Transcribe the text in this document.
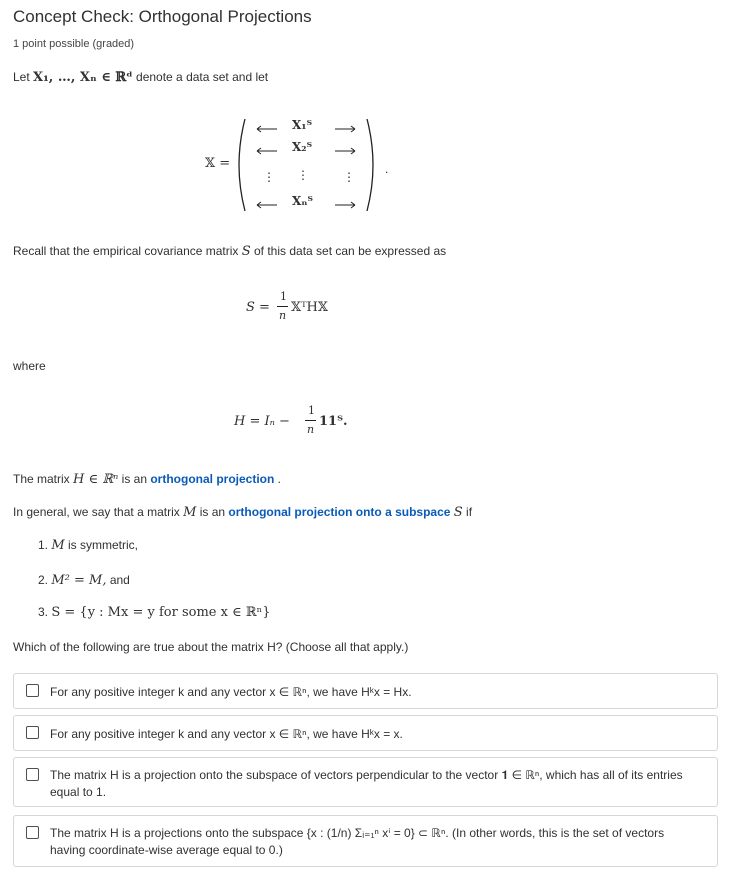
Concept Check: Orthogonal Projections
1 point possible (graded)
Let X₁, …, Xₙ ∈ ℝᵈ denote a data set and let
𝕏 =
⋮	⋮
.
X₁ᵀ
X₂ᵀ
⋮
Xₙᵀ
Recall that the empirical covariance matrix S of this data set can be expressed as
S =
1
n
𝕏ᵀH𝕏
where
H = Iₙ −
1
n
𝟏𝟏ᵀ.
The matrix H ∈ ℝⁿ is an orthogonal projection .
In general, we say that a matrix M is an orthogonal projection onto a subspace S if
1. M is symmetric,
2. M² = M, and
3. S = {y : Mx = y for some x ∈ ℝⁿ}
Which of the following are true about the matrix H? (Choose all that apply.)
For any positive integer k and any vector x ∈ ℝⁿ, we have Hᵏx = Hx.
For any positive integer k and any vector x ∈ ℝⁿ, we have Hᵏx = x.
The matrix H is a projection onto the subspace of vectors perpendicular to the vector 𝟏 ∈ ℝⁿ, which has all of its entries equal to 1.
The matrix H is a projections onto the subspace {x : (1/n) Σᵢ₌₁ⁿ xⁱ = 0} ⊂ ℝⁿ. (In other words, this is the set of vectors having coordinate-wise average equal to 0.)
